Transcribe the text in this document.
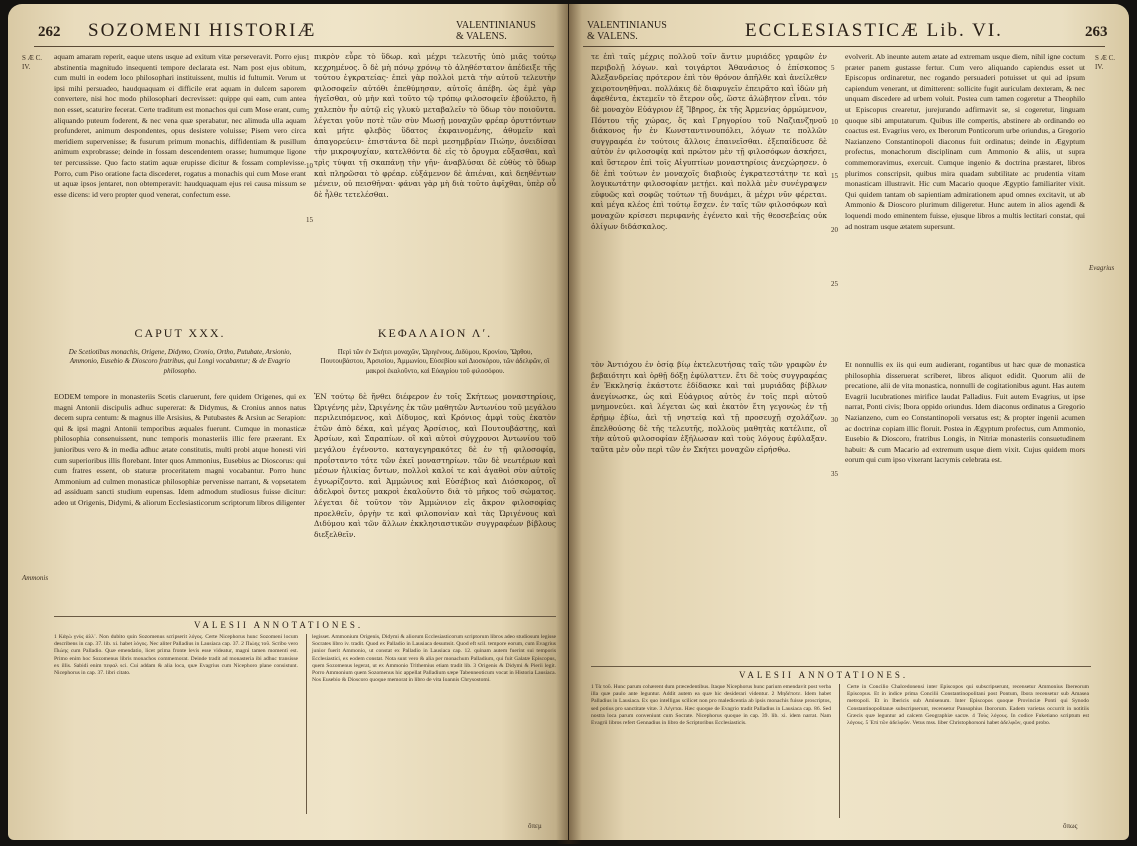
262 SOZOMENI HISTORIÆ	VALENTINIANUS
& VALENS.
S Æ C.
IV.
Ammonis

aquam amaram reperit, eaque utens usque ad exitum vitæ perseveravit. Porro ejus abstinentia magnitudo insequenti tempore declarata est. Nam post ejus obitum, cum multi in eodem loco philosophari instituissent, multis id fultumit. Verum ut ipsi mihi persuadeo, haudquaquam ei difficile erat aquam in dulcem saporem convertere, nisi hoc modo philosophari decrevisset: quippe qui eam, cum antea non esset, scaturire fecerat. Certe traditum est monachos qui cum Mose erant, cum aliquando puteum foderent, & nec vena quæ sperabatur, nec alimuda ulla aquam profunderet, animum despondentes, opus desistere voluisse; Pisem vero circa meridiem supervenisse; & fusurum primum monachis, diffidentiam & pusillum animum exprobrasse; deinde in fossam descendentem orasse; humumque ligone ter percussisse. Quo facto statim aquæ erupisse dicitur & fossam complevisse. Porro, cum Piso oratione facta discederet, rogatus a monachis qui cum Mose erant ut aquæ ipsos jentaret, non obtemperavit: haudquaquam ejus rei causa missum se esse dicens: id vero propter quod venerat, confectum esse.

πικρὸν εὗρε τὸ ὕδωρ. καὶ μέχρι τελευτῆς ὑπὸ μιᾶς τούτῳ κεχρημένος. ὃ δὲ μὴ πόνῳ χρόνῳ τὸ ἀληθέστατον ἀπέδειξε τῆς τούτου ἐγκρατείας· ἐπεὶ γὰρ πολλοὶ μετὰ τὴν αὐτοῦ τελευτὴν φιλοσοφεῖν αὐτόθι ἐπεθύμησαν, αὐτοῖς ἀπέβη. ὡς ἐμὲ γὰρ ἡγεῖσθαι, οὐ μὴν καὶ τοῦτο τῷ τρόπῳ φιλοσοφεῖν ἐβούλετο, ἢ χαλεπὸν ἦν αὐτῷ εἰς γλυκὺ μεταβαλεῖν τὸ ὕδωρ τὸν ποιοῦντα. λέγεται γοῦν ποτὲ τῶν σὺν Μωσῇ μοναχῶν φρέαρ ὀρυττόντων καὶ μήτε φλεβὸς ὕδατος ἐκφαινομένης, ἀθυμεῖν καὶ ἀπαγορεύειν· ἐπιστάντα δὲ περὶ μεσημβρίαν Πιώην, ὀνειδίσαι τὴν μικροψυχίαν, κατελθόντα δὲ εἰς τὸ ὄρυγμα εὔξασθαι, καὶ τρὶς τύψαι τῇ σκαπάνῃ τὴν γῆν· ἀναβλύσαι δὲ εὐθὺς τὸ ὕδωρ καὶ πληρῶσαι τὸ φρέαρ. εὐξάμενον δὲ ἀπιέναι, καὶ δεηθέντων μένειν, οὐ πεισθῆναι· φάναι γὰρ μὴ διὰ τοῦτο ἀφῖχθαι, ὑπὲρ οὗ δὲ ἦλθε τετελέσθαι.

1
5
10
15
CAPUT XXX.	ΚΕΦΑΛΑΙΟΝ Λʹ.
De Scetiotibus monachis, Origene, Didymo, Cronio, Ortho, Putubate, Arsionio, Ammonio, Eusebio & Dioscoro fratribus, qui Longi vocabantur; & de Evagrio philosopho.
Περὶ τῶν ἐν Σκήτει μοναχῶν, Ὠριγένους, Διδύμου, Κρονίου, Ὤρθου, Πουτουβάστου, Ἀρσισίου, Ἀμμωνίου, Εὐσεβίου καὶ Διοσκόρου, τῶν ἀδελφῶν, οἳ μακροὶ ἐκαλοῦντο, καὶ Εὐαγρίου τοῦ φιλοσόφου.

EODEM tempore in monasteriis Scetis claruerunt, fere quidem Origenes, qui ex magni Antonii discipulis adhuc supererat: & Didymus, & Cronius annos natus decem supra centum: & magnus ille Arsisius, & Putubastes & Arsiun ac Serapion: qui & ipsi magni Antonii temporibus æquales fuerunt. Cumque in monasticæ philosophia consenuissent, nunc temporis monasteriis illic fere præerant. Ex junioribus vero & in media adhuc ætate constitutis, multi probi atque honesti viri cum superioribus illis florebant. Inter quos Ammonius, Eusebius ac Dioscorus: qui cum fratres essent, ob staturæ proceritatem magni vocabantur. Porro hunc Ammonium ad culmen monasticæ philosophiæ pervenisse narrant, & vopsetatem ad assiduam sancti studium eupensas. Idem admodum studiosus fuisse dicitur: adeo ut Origenis, Didymi, & aliorum Ecclesiasticorum scriptorum libros diligenter

ἘΝ τούτῳ δὲ ἤνθει διέφερον ἐν τοῖς Σκήτεως μοναστηρίοις, Ὠριγένης μὲν, Ὠριγένης ἐκ τῶν μαθητῶν Ἀντωνίου τοῦ μεγάλου περιλειπόμενος, καὶ Δίδυμος, καὶ Κρόνιος ἀμφὶ τοὺς ἑκατὸν ἐτῶν ἀπὸ δέκα, καὶ μέγας Ἀρσίσιος, καὶ Πουτουβάστης, καὶ Ἀρσίων, καὶ Σαραπίων. οἳ καὶ αὐτοὶ σύγχρονοι Ἀντωνίου τοῦ μεγάλου ἐγένοντο. καταγεγηρακότες δὲ ἐν τῇ φιλοσοφίᾳ, προΐσταντο τότε τῶν ἐκεῖ μοναστηρίων. τῶν δὲ νεωτέρων καὶ μέσων ἡλικίας ὄντων, πολλοὶ καλοί τε καὶ ἀγαθοὶ σὺν αὐτοῖς ἐγνωρίζοντο. καὶ Ἀμμώνιος καὶ Εὐσέβιος καὶ Διόσκορος, οἳ ἀδελφοὶ ὄντες μακροὶ ἐκαλοῦντο διὰ τὸ μῆκος τοῦ σώματος. λέγεται δὲ τοῦτον τὸν Ἀμμώνιον εἰς ἄκρον φιλοσοφίας προελθεῖν, ὀργὴν τε καὶ φιλοπονίαν καὶ τὰς Ὠριγένους καὶ Διδύμου καὶ τῶν ἄλλων ἐκκλησιαστικῶν συγγραφέων βίβλους διεξελθεῖν.

VALESII ANNOTATIONES.
1 Κἀγὼ γνὺς ἀλλ᾽. Non dubito quin Sozomenus scripserit λόγος. Certe Nicephorus hunc Sozomeni locum describens in cap. 37. lib. xi. habet λόγος. Nec aliter Palladius in Lausiaca cap. 37. 2 Πιώης τοῦ. Scribo vero Πιώης cum Palladio. Quæ emendatio, licet prima fronte levis esse videatur, magni tamen momenti est. Primo enim hoc Sozomenus libris monachos commemorat. Deinde tradit ad monasteria ibi adhuc transisse ex illis. Sabidi enim πεφαλ sci. Cui addam & alia loca, quæ Evagrius cum Nicephoro plane consistunt. Nicephorus in cap. 37. libri citato.
legisset. Ammonium Origenis, Didymi & aliorum Ecclesiasticorum scriptorum libros adeo studiosum legisse Socrates libro iv. tradit. Quod ex Palladio in Lausiaca desumsit. Quod eft scil. tempore eorum, cum Evagrius junior fuerit Ammonio, ut constat ex Palladio in Lausiaca cap. 12. quinam autem fuerint sui temporis Ecclesiastici, ex eodem constat. Nota sunt vero & alia per monachum Palladium, qui fuit Galatæ Episcopus, quem Sozomenus legerat, ut ex Ammonio Trithemius etiam tradit lib. 3 Origenis & Didymi & Pierii legit. Porro Ammonium quem Sozomenus hic appellat Palladium sæpe Tabenneoticum vocat in Historia Lausiaca. Nos Eusebio & Dioscoro quoque memorat in libro de vita Ioannis Chrysostomi.
ὅπεμ
VALENTINIANUS
& VALENS.	ECCLESIASTICÆ Lib. VI.	263
S Æ C.
IV.
Evagrius

τε ἐπὶ ταῖς μέχρις πολλοῦ τοῖν ἄντιν μυριάδες γραφῶν ἐν περιβολῇ λόγων. καὶ τοιγάρτοι Ἀθανάσιος ὁ ἐπίσκοπος Ἀλεξανδρείας πρότερον ἐπὶ τὸν θρόνον ἀπῆλθε καὶ ἀνείλεθεν χειροτονηθῆναι. πολλάκις δὲ διαφυγεῖν ἐπειρᾶτο καὶ ἰδὼν μὴ ἀφεθέντα, ἐκτεμεῖν τὸ ἕτερον οὖς, ὥστε ἀλώβητον εἶναι. τόν δὲ μοναχὸν Εὐάγριον ἐξ Ἴβηρος, ἐκ τῆς Ἀρμενίας ὁρμώμενον, Πόντου τῆς χώρας, ὅς καὶ Γρηγορίου τοῦ Ναζιανζηνοῦ διάκονος ἦν ἐν Κωνσταντινουπόλει, λόγων τε πολλῶν συγγραφέα ἐν τούτοις ἄλλοις ἐπαινεῖσθαι. ἐξεπαίδευσε δὲ αὐτὸν ἐν φιλοσοφίᾳ καὶ πρώτον μὲν τῇ φιλοσόφων ἀσκήσει, καὶ ὕστερον ἐπὶ τοῖς Αἰγυπτίων μοναστηρίοις ἀνεχώρησεν. ὁ δὲ ἐπὶ τούτων ἐν μοναχοῖς διαβιοὺς ἐγκρατεστάτην τε καὶ λογικωτάτην φιλοσοφίαν μετῄει. καὶ πολλὰ μὲν συνέγραψεν εὐφυῶς καὶ σοφῶς τούτων τῇ δυνάμει, ἃ μέχρι νῦν φέρεται. καὶ μέγα κλέος ἐπὶ τούτῳ ἔσχεν. ἐν ταῖς τῶν φιλοσόφων καὶ μοναχῶν κρίσεσι περιφανὴς ἐγένετο καὶ τῆς θεοσεβείας οὐκ ὀλίγων διδάσκαλος.

τὸν Ἀντιόχου ἐν ὁσίᾳ βίῳ ἐκτελευτήσας ταῖς τῶν γραφῶν ἐν βεβαιότητι καὶ ὀρθῇ δόξῃ ἐφύλαττεν. ἔτι δὲ τοὺς συγγραφέας ἐν Ἐκκλησίᾳ ἑκάστοτε ἐδίδασκε καὶ ταὶ μυριάδας βίβλων ἀνεγίνωσκε, ὡς καὶ Εὐάγριος αὐτὸς ἐν τοῖς περὶ αὐτοῦ μνημονεύει. καὶ λέγεται ὡς καὶ ἑκατὸν ἔτη γεγονὼς ἐν τῇ ἐρήμῳ ἐβίω, ἀεὶ τῇ νηστείᾳ καὶ τῇ προσευχῇ σχολάζων. ἐπελθούσης δὲ τῆς τελευτῆς, πολλοὺς μαθητὰς κατέλιπε, οἳ τὴν αὐτοῦ φιλοσοφίαν ἐξήλωσαν καὶ τοὺς λόγους ἐφύλαξαν. ταῦτα μὲν οὖν περὶ τῶν ἐν Σκήτει μοναχῶν εἰρήσθω.

5
10
15
20
25
30
35

evolverit. Ab ineunte autem ætate ad extremam usque diem, nihil igne coctum præter panem gustasse fertur. Cum vero aliquando capiendus esset ut Episcopus ordinaretur, nec rogando persuaderi potuisset ut qui ad ipsum capiendum venerant, ut dimitterent: sollicite fugit auriculam dexteram, & nec unquam discedere ad urbem voluit. Postea cum tamen cogeretur a Theophilo ut Episcopus crearetur, jurejurando adfirmavit se, si cogeretur, linguam quoque sibi amputaturum. Quibus ille compertis, abstinere ab ordinando eo coactus est. Evagrius vero, ex Iberorum Ponticorum urbe oriundus, a Gregorio Nazianzeno Constantinopoli diaconus fuit ordinatus; deinde in Ægyptum profectus, monachorum disciplinam cum Ammonio & aliis, ut supra commemoravimus, exercuit. Cumque ingenio & doctrina præstaret, libros plurimos conscripsit, quibus mira quadam subtilitate ac prudentia vitam monasticam illustravit. Hic cum Macario quoque Ægyptio familiariter vixit. Qui quidem tantam ob sapientiam admirationem apud omnes excitavit, ut ab Ammonio & Dioscoro plurimum diligeretur. Hunc autem in alios agendi & loquendi modo eminentem fuisse, ejusque libros a multis lectitari constat, qui ad nostram usque ætatem supersunt.

Et nonnullis ex iis qui eum audierant, rogantibus ut hæc quæ de monastica philosophia disseruerat scriberet, libros aliquot edidit. Quorum alii de precatione, alii de vita monastica, nonnulli de cogitationibus agunt. Has autem Evagrii lucubrationes mirifice laudat Palladius. Fuit autem Evagrius, ut ipse narrat, Ponti civis; Ibora oppido oriundus. Idem diaconus ordinatus a Gregorio Nazianzeno, cum eo Constantinopoli versatus est; & propter ingenii acumen ac doctrinæ copiam illic floruit. Postea in Ægyptum profectus, cum Ammonio, Eusebio & Dioscoro, fratribus Longis, in Nitriæ monasteriis consuetudinem habuit: & cum Macario ad extremum usque diem vixit. Cujus quidem mors eorum qui cum ipso vixerant lacrymis celebrata est.

VALESII ANNOTATIONES.
1 Τὰ τοῦ. Hunc parum cohærent dum præcedentibus. Itaque Nicephorus hunc parium emendavit post verba illa quæ paulo ante leguntur. Addit autem ea quæ hic desiderari videntur. 2 Μηδέποτε. Idem habet Palladius in Lausiaca. Ex quo intelligas scilicet non pro maledicentia ab ipsis monachis fuisse proscriptos, sed potius pro sanctitate vitæ. 3 Λέγεται. Hæc quoque de Evagrio tradit Palladius in Lausiaca cap. 86. Sed nostra loca parum conveniunt cum Socrate. Nicephorus quoque in cap. 39. lib. xi. idem narrat. Nam Evagrii libros refert Gennadius in libro de Scriptoribus Ecclesiasticis.
Certe in Concilio Chalcedonensi inter Episcopos qui subscripserunt, recensetur Ammonius Ibereorum Episcopus. Et in indice prima Concilii Constantinopolitani post Pontum, Ibora recensetur sub Amasea metropoli. Et in Ibericis sub Amisenum. Inter Episcopos quoque Provinciæ Ponti qui Synodo Constantinopolitanæ subscripserunt, recensetur Pansophius Ibororum. Eadem varietas occurrit in notitiis Græcis quæ leguntur ad calcem Geographiæ sacræ. 4 Τοὺς λόγους. In codice Fuketiano scriptum est λόγους. 5 Ἐπὶ τῶν ἀδελφῶν. Vetus mss. liber Christophorsoni habet ἀδελφῶν, quod probo.
ὅπως
